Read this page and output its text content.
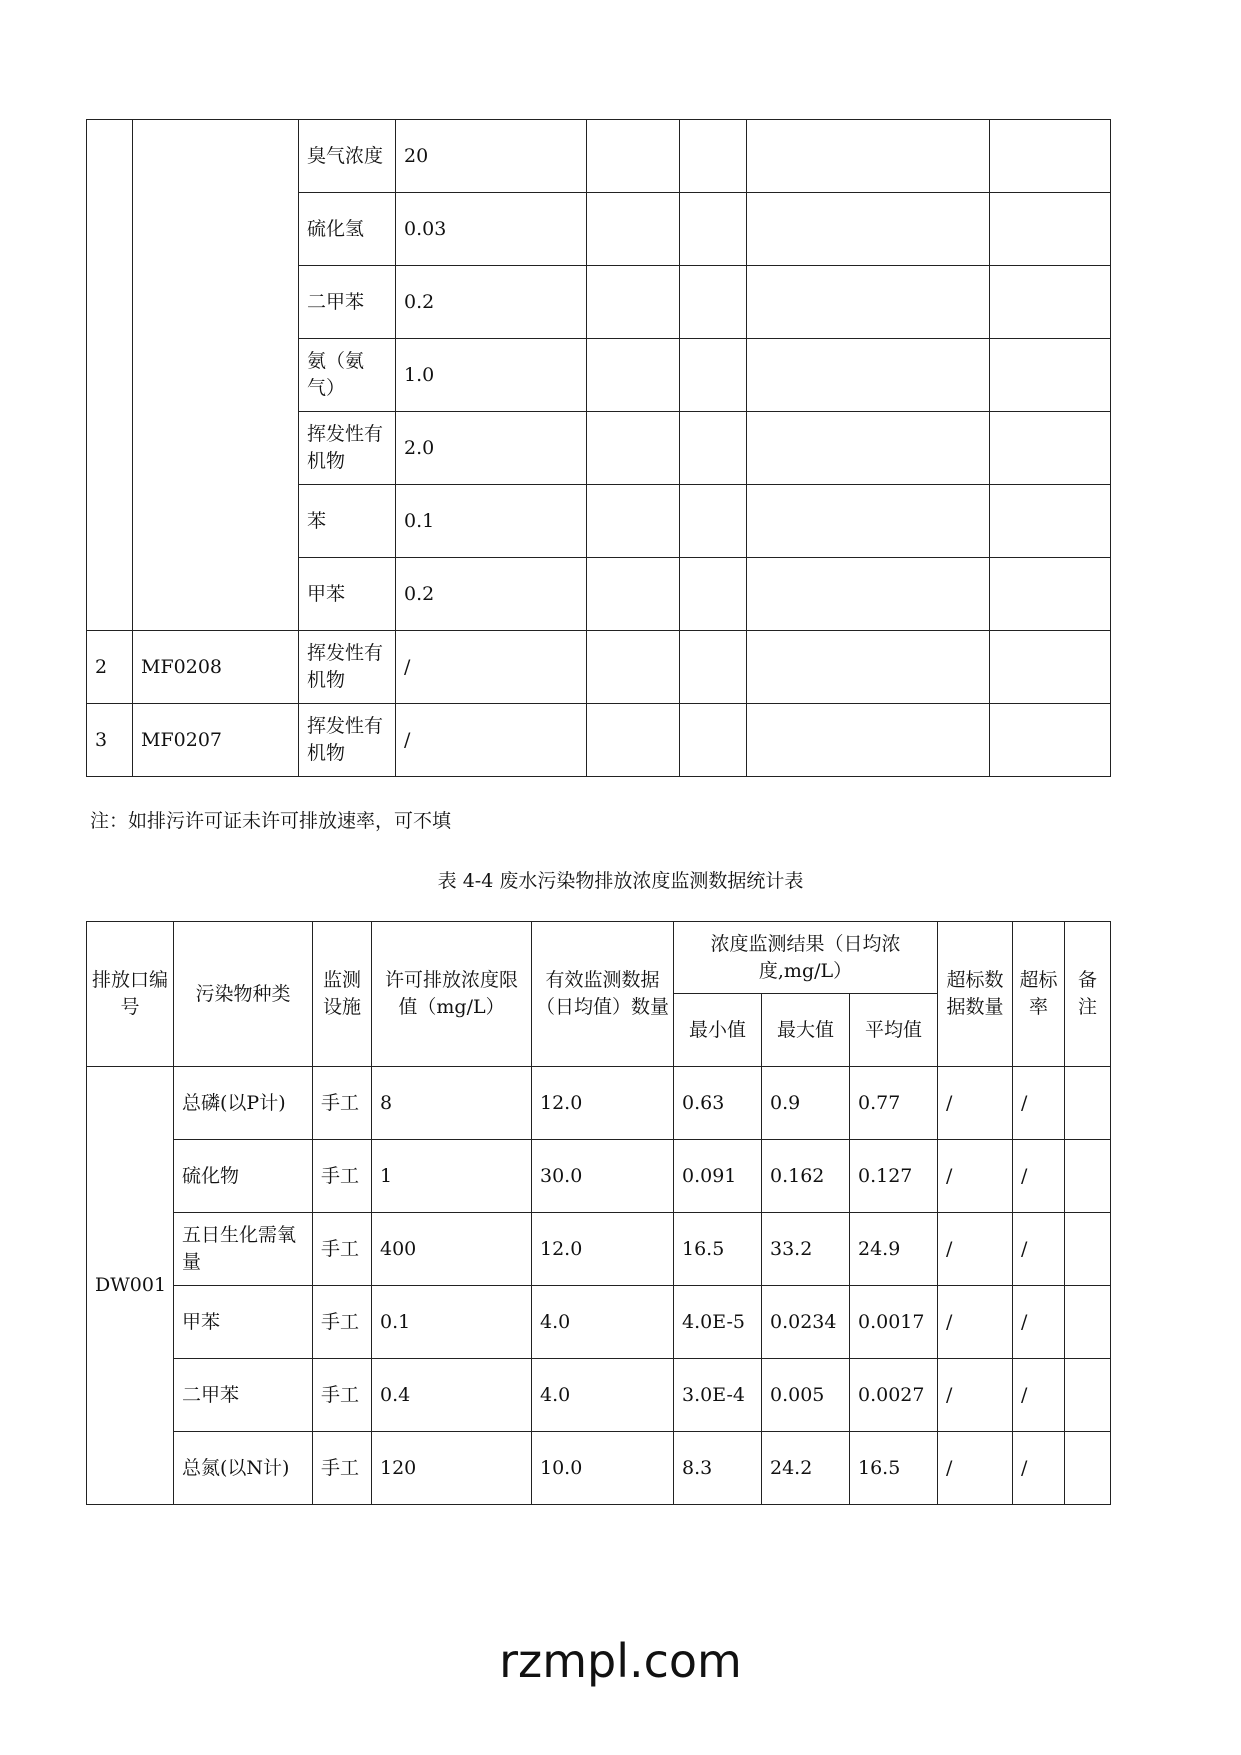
		臭气浓度	20				
		硫化氢	0.03				
		二甲苯	0.2				
		氨（氨气）	1.0				
		挥发性有机物	2.0				
		苯	0.1				
		甲苯	0.2				
2	MF0208	挥发性有机物	/				
3	MF0207	挥发性有机物	/				
注：如排污许可证未许可排放速率，可不填
表 4-4 废水污染物排放浓度监测数据统计表
排放口编号	污染物种类	监测设施	许可排放浓度限值（mg/L）	有效监测数据（日均值）数量	浓度监测结果（日均浓度,mg/L）			超标数据数量	超标率	备注
					最小值	最大值	平均值			
DW001	总磷(以P计)	手工	8	12.0	0.63	0.9	0.77	/	/	
	硫化物	手工	1	30.0	0.091	0.162	0.127	/	/	
	五日生化需氧量	手工	400	12.0	16.5	33.2	24.9	/	/	
	甲苯	手工	0.1	4.0	4.0E-5	0.0234	0.0017	/	/	
	二甲苯	手工	0.4	4.0	3.0E-4	0.005	0.0027	/	/	
	总氮(以N计)	手工	120	10.0	8.3	24.2	16.5	/	/	
rzmpl.com
